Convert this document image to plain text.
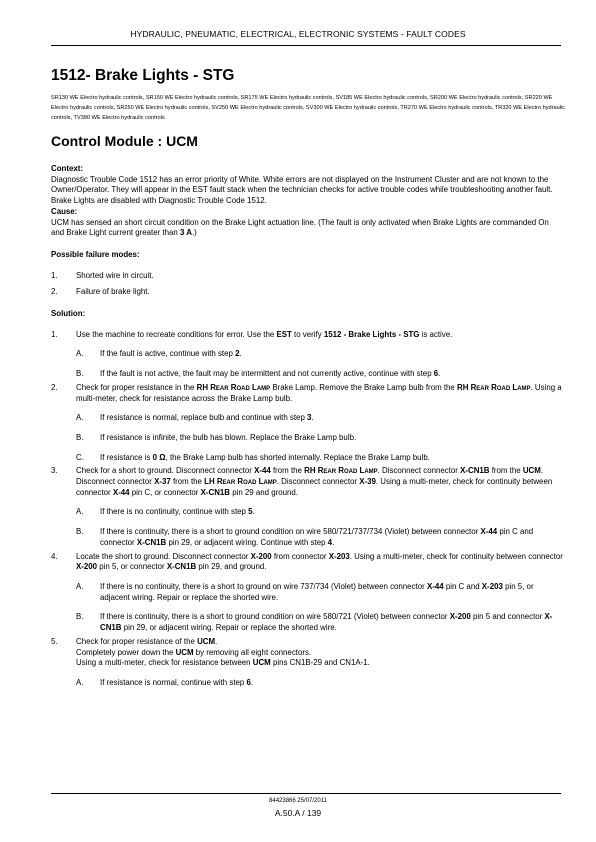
HYDRAULIC, PNEUMATIC, ELECTRICAL, ELECTRONIC SYSTEMS - FAULT CODES
1512- Brake Lights - STG
SR130 WE Electro hydraulic controls, SR150 WE Electro hydraulic controls, SR175 WE Electro hydraulic controls, SV185 WE Electro hydraulic controls, SR200 WE Electro hydraulic controls, SR220 WE Electro hydraulic controls, SR250 WE Electro hydraulic controls, SV250 WE Electro hydraulic controls, SV300 WE Electro hydraulic controls, TR270 WE Electro hydraulic controls, TR320 WE Electro hydraulic controls, TV380 WE Electro hydraulic controls
Control Module : UCM

Context:

Diagnostic Trouble Code 1512 has an error priority of White. White errors are not displayed on the Instrument Cluster and are not known to the Owner/Operator. They will appear in the EST fault stack when the technician checks for active trouble codes while troubleshooting another fault.

Brake Lights are disabled with Diagnostic Trouble Code 1512.

Cause:

UCM has sensed an short circuit condition on the Brake Light actuation line. (The fault is only activated when Brake Lights are commanded On and Brake Light current greater than 3 A.)

Possible failure modes:

1. Shorted wire in circuit.
2. Failure of brake light.

Solution:

1. Use the machine to recreate conditions for error. Use the EST to verify 1512 - Brake Lights - STG is active.
A. If the fault is active, continue with step 2.
B. If the fault is not active, the fault may be intermittent and not currently active, continue with step 6.
2. Check for proper resistance in the RH Rear Road Lamp Brake Lamp. Remove the Brake Lamp bulb from the RH Rear Road Lamp. Using a multi-meter, check for resistance across the Brake Lamp bulb.
A. If resistance is normal, replace bulb and continue with step 3.
B. If resistance is infinite, the bulb has blown. Replace the Brake Lamp bulb.
C. If resistance is 0 Ω, the Brake Lamp bulb has shorted internally. Replace the Brake Lamp bulb.
3. Check for a short to ground. Disconnect connector X-44 from the RH Rear Road Lamp. Disconnect connector X-CN1B from the UCM. Disconnect connector X-37 from the LH Rear Road Lamp. Disconnect connector X-39. Using a multi-meter, check for continuity between connector X-44 pin C, or connector X-CN1B pin 29 and ground.
A. If there is no continuity, continue with step 5.
B. If there is continuity, there is a short to ground condition on wire 580/721/737/734 (Violet) between connector X-44 pin C and connector X-CN1B pin 29, or adjacent wiring. Continue with step 4.
4. Locate the short to ground. Disconnect connector X-200 from connector X-203. Using a multi-meter, check for continuity between connector X-200 pin 5, or connector X-CN1B pin 29, and ground.
A. If there is no continuity, there is a short to ground on wire 737/734 (Violet) between connector X-44 pin C and X-203 pin 5, or adjacent wiring. Repair or replace the shorted wire.
B. If there is continuity, there is a short to ground condition on wire 580/721 (Violet) between connector X-200 pin 5 and connector X-CN1B pin 29, or adjacent wiring. Repair or replace the shorted wire.
5. Check for proper resistance of the UCM.
Completely power down the UCM by removing all eight connectors.
Using a multi-meter, check for resistance between UCM pins CN1B-29 and CN1A-1.
A. If resistance is normal, continue with step 6.
84423866 25/07/2011
A.50.A / 139
